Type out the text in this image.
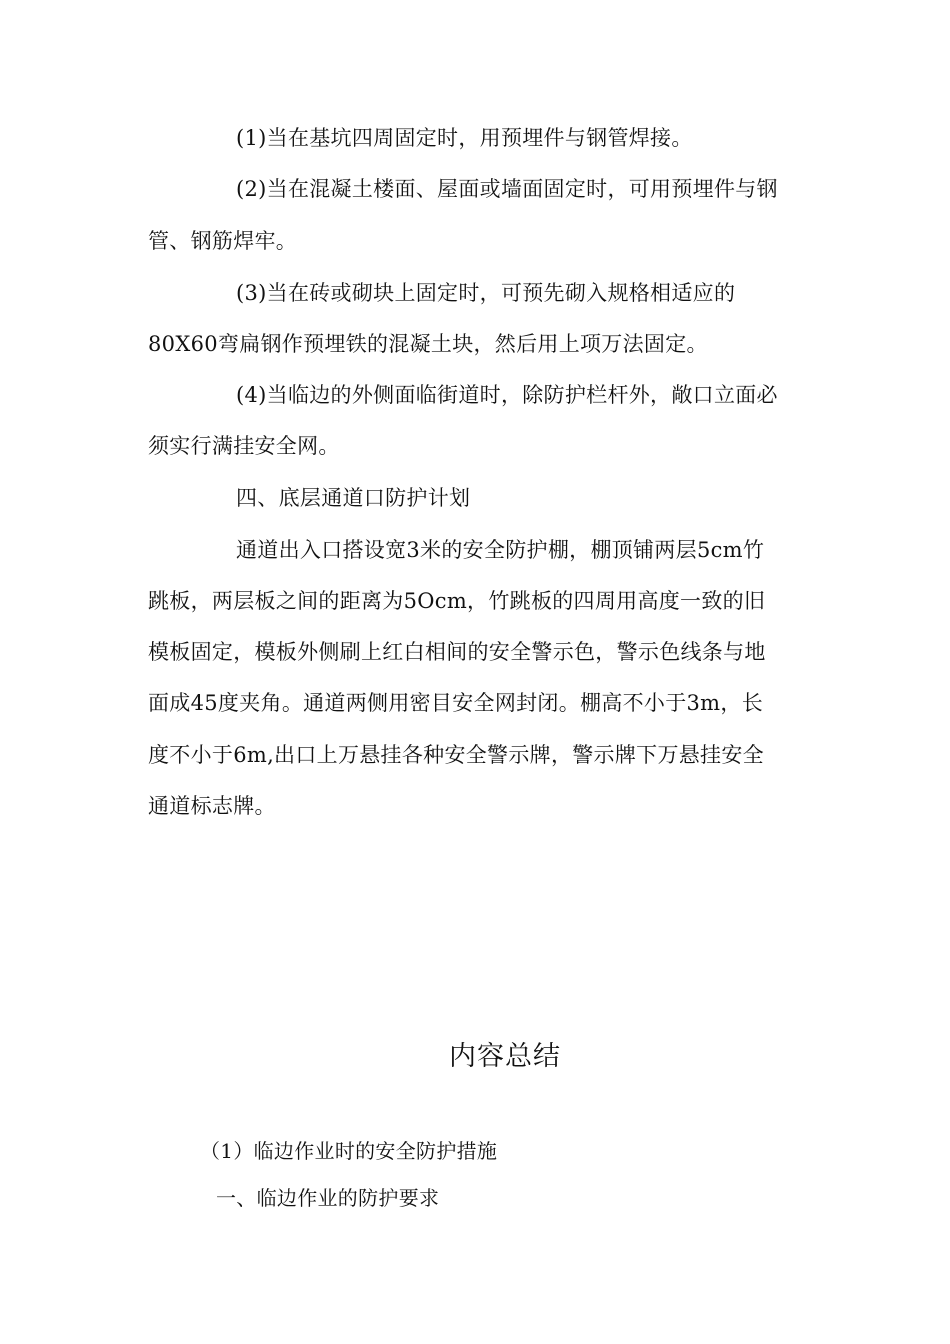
(1)当在基坑四周固定时，用预埋件与钢管焊接。
(2)当在混凝土楼面、屋面或墙面固定时，可用预埋件与钢
管、钢筋焊牢。
(3)当在砖或砌块上固定时，可预先砌入规格相适应的
80X60弯扁钢作预埋铁的混凝土块，然后用上项万法固定。
(4)当临边的外侧面临街道时，除防护栏杆外，敞口立面必
须实行满挂安全网。
四、底层通道口防护计划
通道出入口搭设宽3米的安全防护棚，棚顶铺两层5cm竹
跳板，两层板之间的距离为5Ocm，竹跳板的四周用高度一致的旧
模板固定，模板外侧刷上红白相间的安全警示色，警示色线条与地
面成45度夹角。通道两侧用密目安全网封闭。棚高不小于3m，长
度不小于6m,出口上万悬挂各种安全警示牌，警示牌下万悬挂安全
通道标志牌。
内容总结
（1）临边作业时的安全防护措施
一、临边作业的防护要求
